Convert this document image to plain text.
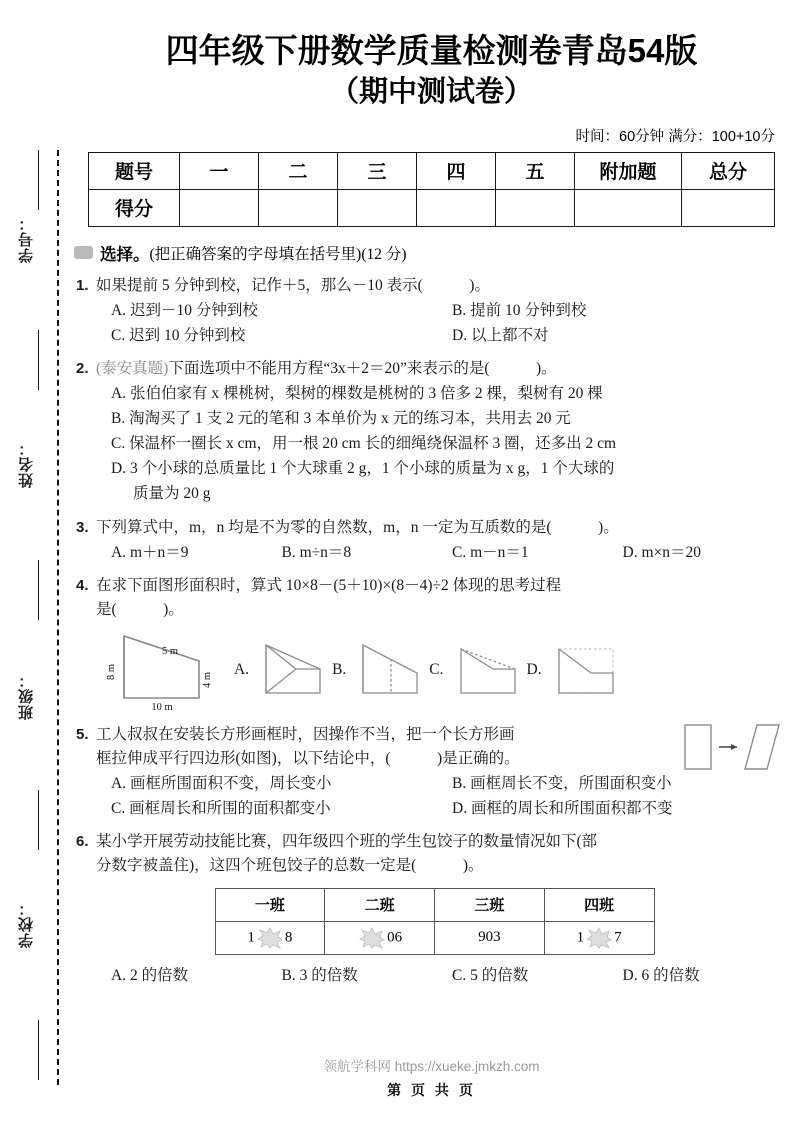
学号：
姓名：
班级：
学校：
四年级下册数学质量检测卷青岛54版
（期中测试卷）
时间：60分钟 满分：100+10分
题号	一	二	三	四	五	附加题	总分
得分							
选择。 (把正确答案的字母填在括号里)(12 分)
1. 如果提前 5 分钟到校，记作＋5，那么－10 表示(　　　)。
A. 迟到－10 分钟到校	B. 提前 10 分钟到校
C. 迟到 10 分钟到校	D. 以上都不对
2. (泰安真题)下面选项中不能用方程“3x＋2＝20”来表示的是(　　　)。
A. 张伯伯家有 x 棵桃树，梨树的棵数是桃树的 3 倍多 2 棵，梨树有 20 棵
B. 淘淘买了 1 支 2 元的笔和 3 本单价为 x 元的练习本，共用去 20 元
C. 保温杯一圈长 x cm，用一根 20 cm 长的细绳绕保温杯 3 圈，还多出 2 cm
D. 3 个小球的总质量比 1 个大球重 2 g，1 个小球的质量为 x g，1 个大球的
质量为 20 g
3. 下列算式中，m，n 均是不为零的自然数，m，n 一定为互质数的是(　　　)。
A. m＋n＝9	B. m÷n＝8	C. m－n＝1	D. m×n＝20
4. 在求下面图形面积时，算式 10×8－(5＋10)×(8－4)÷2 体现的思考过程
是(　　　)。
8 m
5 m
4 m
10 m
A.	B.	C.	D.
5. 工人叔叔在安装长方形画框时，因操作不当，把一个长方形画
框拉伸成平行四边形(如图)，以下结论中，(　　　)是正确的。
A. 画框所围面积不变，周长变小	B. 画框周长不变，所围面积变小
C. 画框周长和所围的面积都变小	D. 画框的周长和所围面积都不变
6. 某小学开展劳动技能比赛，四年级四个班的学生包饺子的数量情况如下(部
分数字被盖住)，这四个班包饺子的总数一定是(　　　)。
一班	二班	三班	四班
1 8	06	903	1 7
A. 2 的倍数	B. 3 的倍数	C. 5 的倍数	D. 6 的倍数
领航学科网 https://xueke.jmkzh.com
第 页 共 页
